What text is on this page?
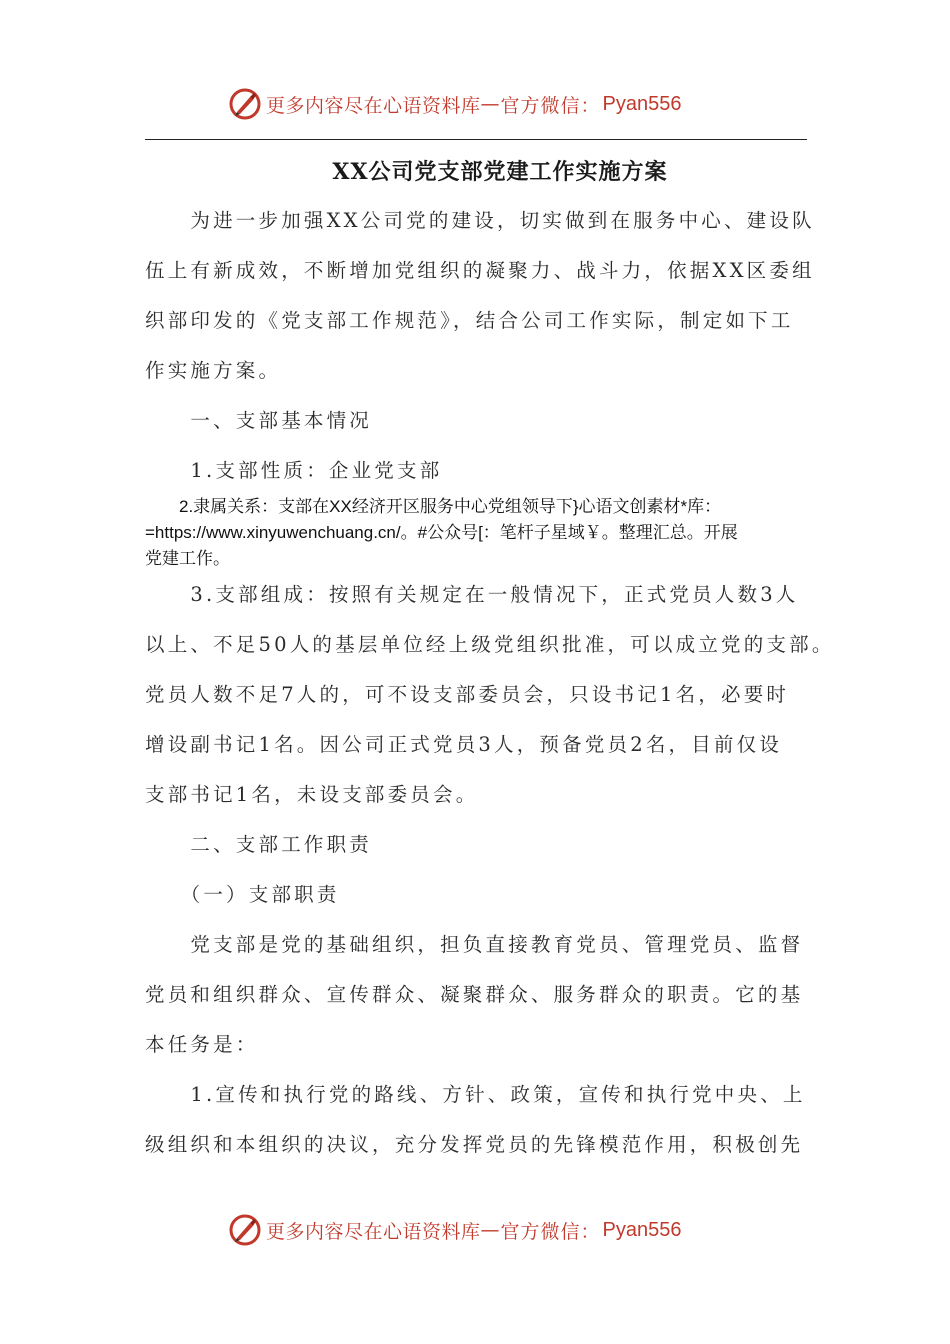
更多内容尽在心语资料库 — 官方微信： Pyan556
XX公司党支部党建工作实施方案
　　为进一步加强XX公司党的建设，切实做到在服务中心、建设队
伍上有新成效，不断增加党组织的凝聚力、战斗力，依据XX区委组
织部印发的《党支部工作规范》，结合公司工作实际，制定如下工
作实施方案。
　　一、支部基本情况
　　1.支部性质：企业党支部
　　2.隶属关系：支部在XX经济开区服务中心党组领导下}心语文创素材*库：
=https://www.xinyuwenchuang.cn/。#公众号[：笔杆子星域￥。整理汇总。开展
党建工作。
　　3.支部组成：按照有关规定在一般情况下，正式党员人数3人
以上、不足50人的基层单位经上级党组织批准，可以成立党的支部。
党员人数不足7人的，可不设支部委员会，只设书记1名，必要时
增设副书记1名。因公司正式党员3人，预备党员2名，目前仅设
支部书记1名，未设支部委员会。
　　二、支部工作职责
　　（一）支部职责
　　党支部是党的基础组织，担负直接教育党员、管理党员、监督
党员和组织群众、宣传群众、凝聚群众、服务群众的职责。它的基
本任务是：
　　1.宣传和执行党的路线、方针、政策，宣传和执行党中央、上
级组织和本组织的决议，充分发挥党员的先锋模范作用，积极创先
更多内容尽在心语资料库 — 官方微信： Pyan556
